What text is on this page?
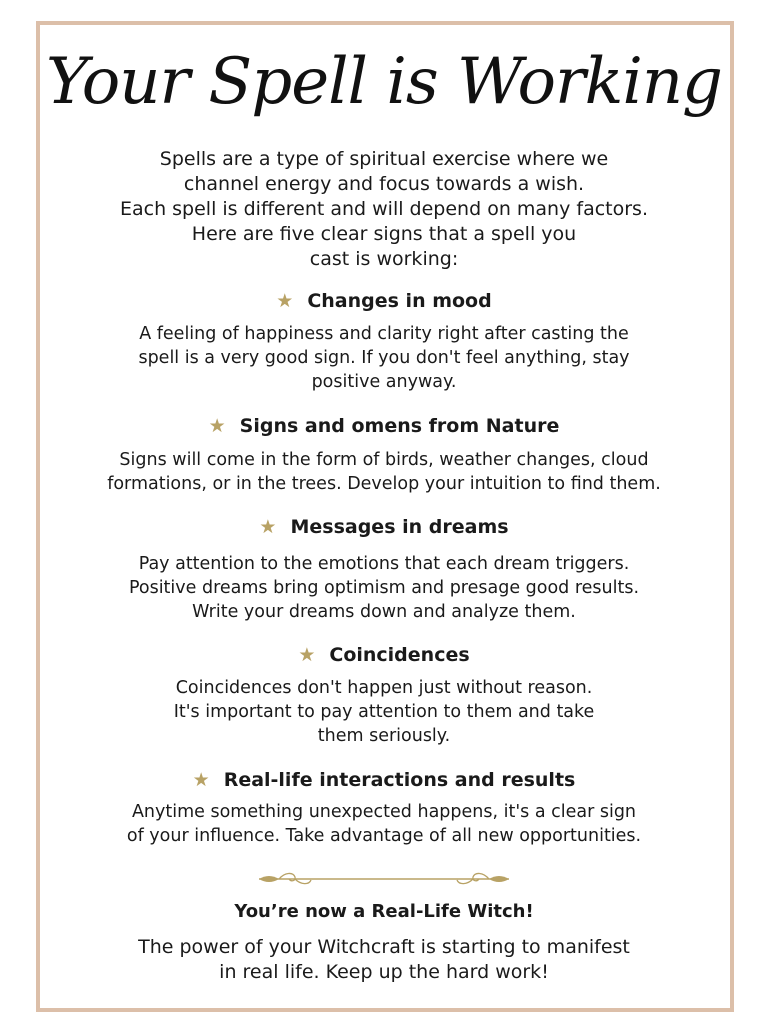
Your Spell is Working
Spells are a type of spiritual exercise where we
channel energy and focus towards a wish.
Each spell is different and will depend on many factors.
Here are five clear signs that a spell you
cast is working:
★ Changes in mood
A feeling of happiness and clarity right after casting the
spell is a very good sign. If you don't feel anything, stay
positive anyway.
★ Signs and omens from Nature
Signs will come in the form of birds, weather changes, cloud
formations, or in the trees. Develop your intuition to find them.
★ Messages in dreams
Pay attention to the emotions that each dream triggers.
Positive dreams bring optimism and presage good results.
Write your dreams down and analyze them.
★ Coincidences
Coincidences don't happen just without reason.
It's important to pay attention to them and take
them seriously.
★ Real-life interactions and results
Anytime something unexpected happens, it's a clear sign
of your influence. Take advantage of all new opportunities.
You’re now a Real-Life Witch!
The power of your Witchcraft is starting to manifest
in real life. Keep up the hard work!
